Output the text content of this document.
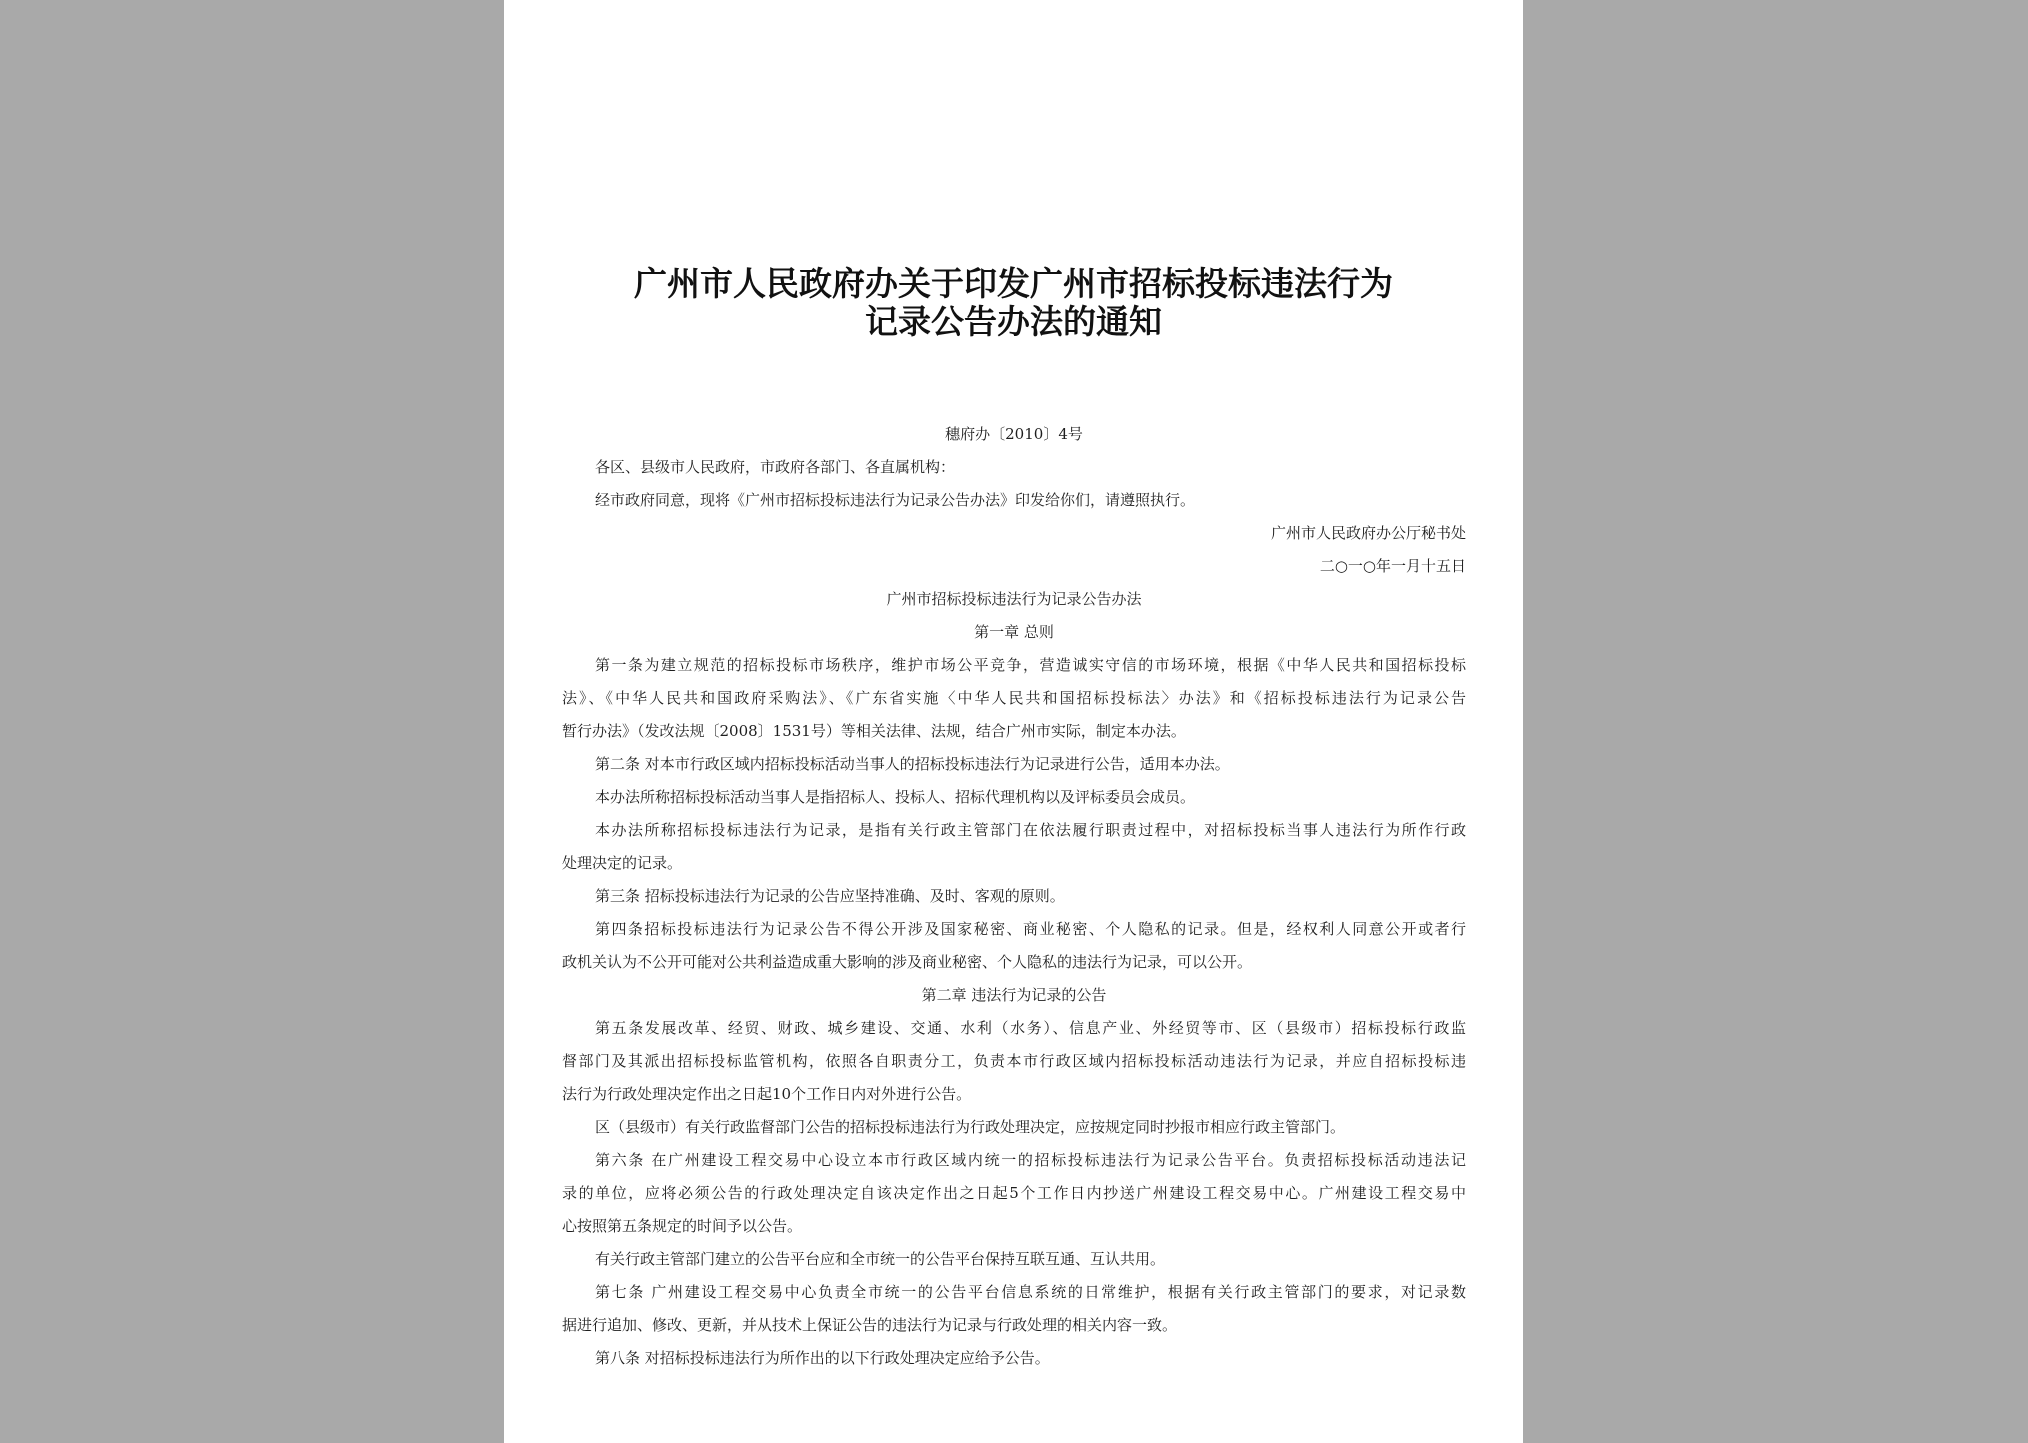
广州市人民政府办关于印发广州市招标投标违法行为
记录公告办法的通知
穗府办〔2010〕4号
各区、县级市人民政府，市政府各部门、各直属机构：
经市政府同意，现将《广州市招标投标违法行为记录公告办法》印发给你们，请遵照执行。
广州市人民政府办公厅秘书处
二○一○年一月十五日
广州市招标投标违法行为记录公告办法
第一章 总则
第一条为建立规范的招标投标市场秩序，维护市场公平竞争，营造诚实守信的市场环境，根据《中华人民共和国招标投标
法》、《中华人民共和国政府采购法》、《广东省实施〈中华人民共和国招标投标法〉办法》和《招标投标违法行为记录公告
暂行办法》（发改法规〔2008〕1531号）等相关法律、法规，结合广州市实际，制定本办法。
第二条 对本市行政区域内招标投标活动当事人的招标投标违法行为记录进行公告，适用本办法。
本办法所称招标投标活动当事人是指招标人、投标人、招标代理机构以及评标委员会成员。
本办法所称招标投标违法行为记录，是指有关行政主管部门在依法履行职责过程中，对招标投标当事人违法行为所作行政
处理决定的记录。
第三条 招标投标违法行为记录的公告应坚持准确、及时、客观的原则。
第四条招标投标违法行为记录公告不得公开涉及国家秘密、商业秘密、个人隐私的记录。但是，经权利人同意公开或者行
政机关认为不公开可能对公共利益造成重大影响的涉及商业秘密、个人隐私的违法行为记录，可以公开。
第二章 违法行为记录的公告
第五条发展改革、经贸、财政、城乡建设、交通、水利（水务）、信息产业、外经贸等市、区（县级市）招标投标行政监
督部门及其派出招标投标监管机构，依照各自职责分工，负责本市行政区域内招标投标活动违法行为记录，并应自招标投标违
法行为行政处理决定作出之日起10个工作日内对外进行公告。
区（县级市）有关行政监督部门公告的招标投标违法行为行政处理决定，应按规定同时抄报市相应行政主管部门。
第六条 在广州建设工程交易中心设立本市行政区域内统一的招标投标违法行为记录公告平台。负责招标投标活动违法记
录的单位，应将必须公告的行政处理决定自该决定作出之日起5个工作日内抄送广州建设工程交易中心。广州建设工程交易中
心按照第五条规定的时间予以公告。
有关行政主管部门建立的公告平台应和全市统一的公告平台保持互联互通、互认共用。
第七条 广州建设工程交易中心负责全市统一的公告平台信息系统的日常维护，根据有关行政主管部门的要求，对记录数
据进行追加、修改、更新，并从技术上保证公告的违法行为记录与行政处理的相关内容一致。
第八条 对招标投标违法行为所作出的以下行政处理决定应给予公告。
